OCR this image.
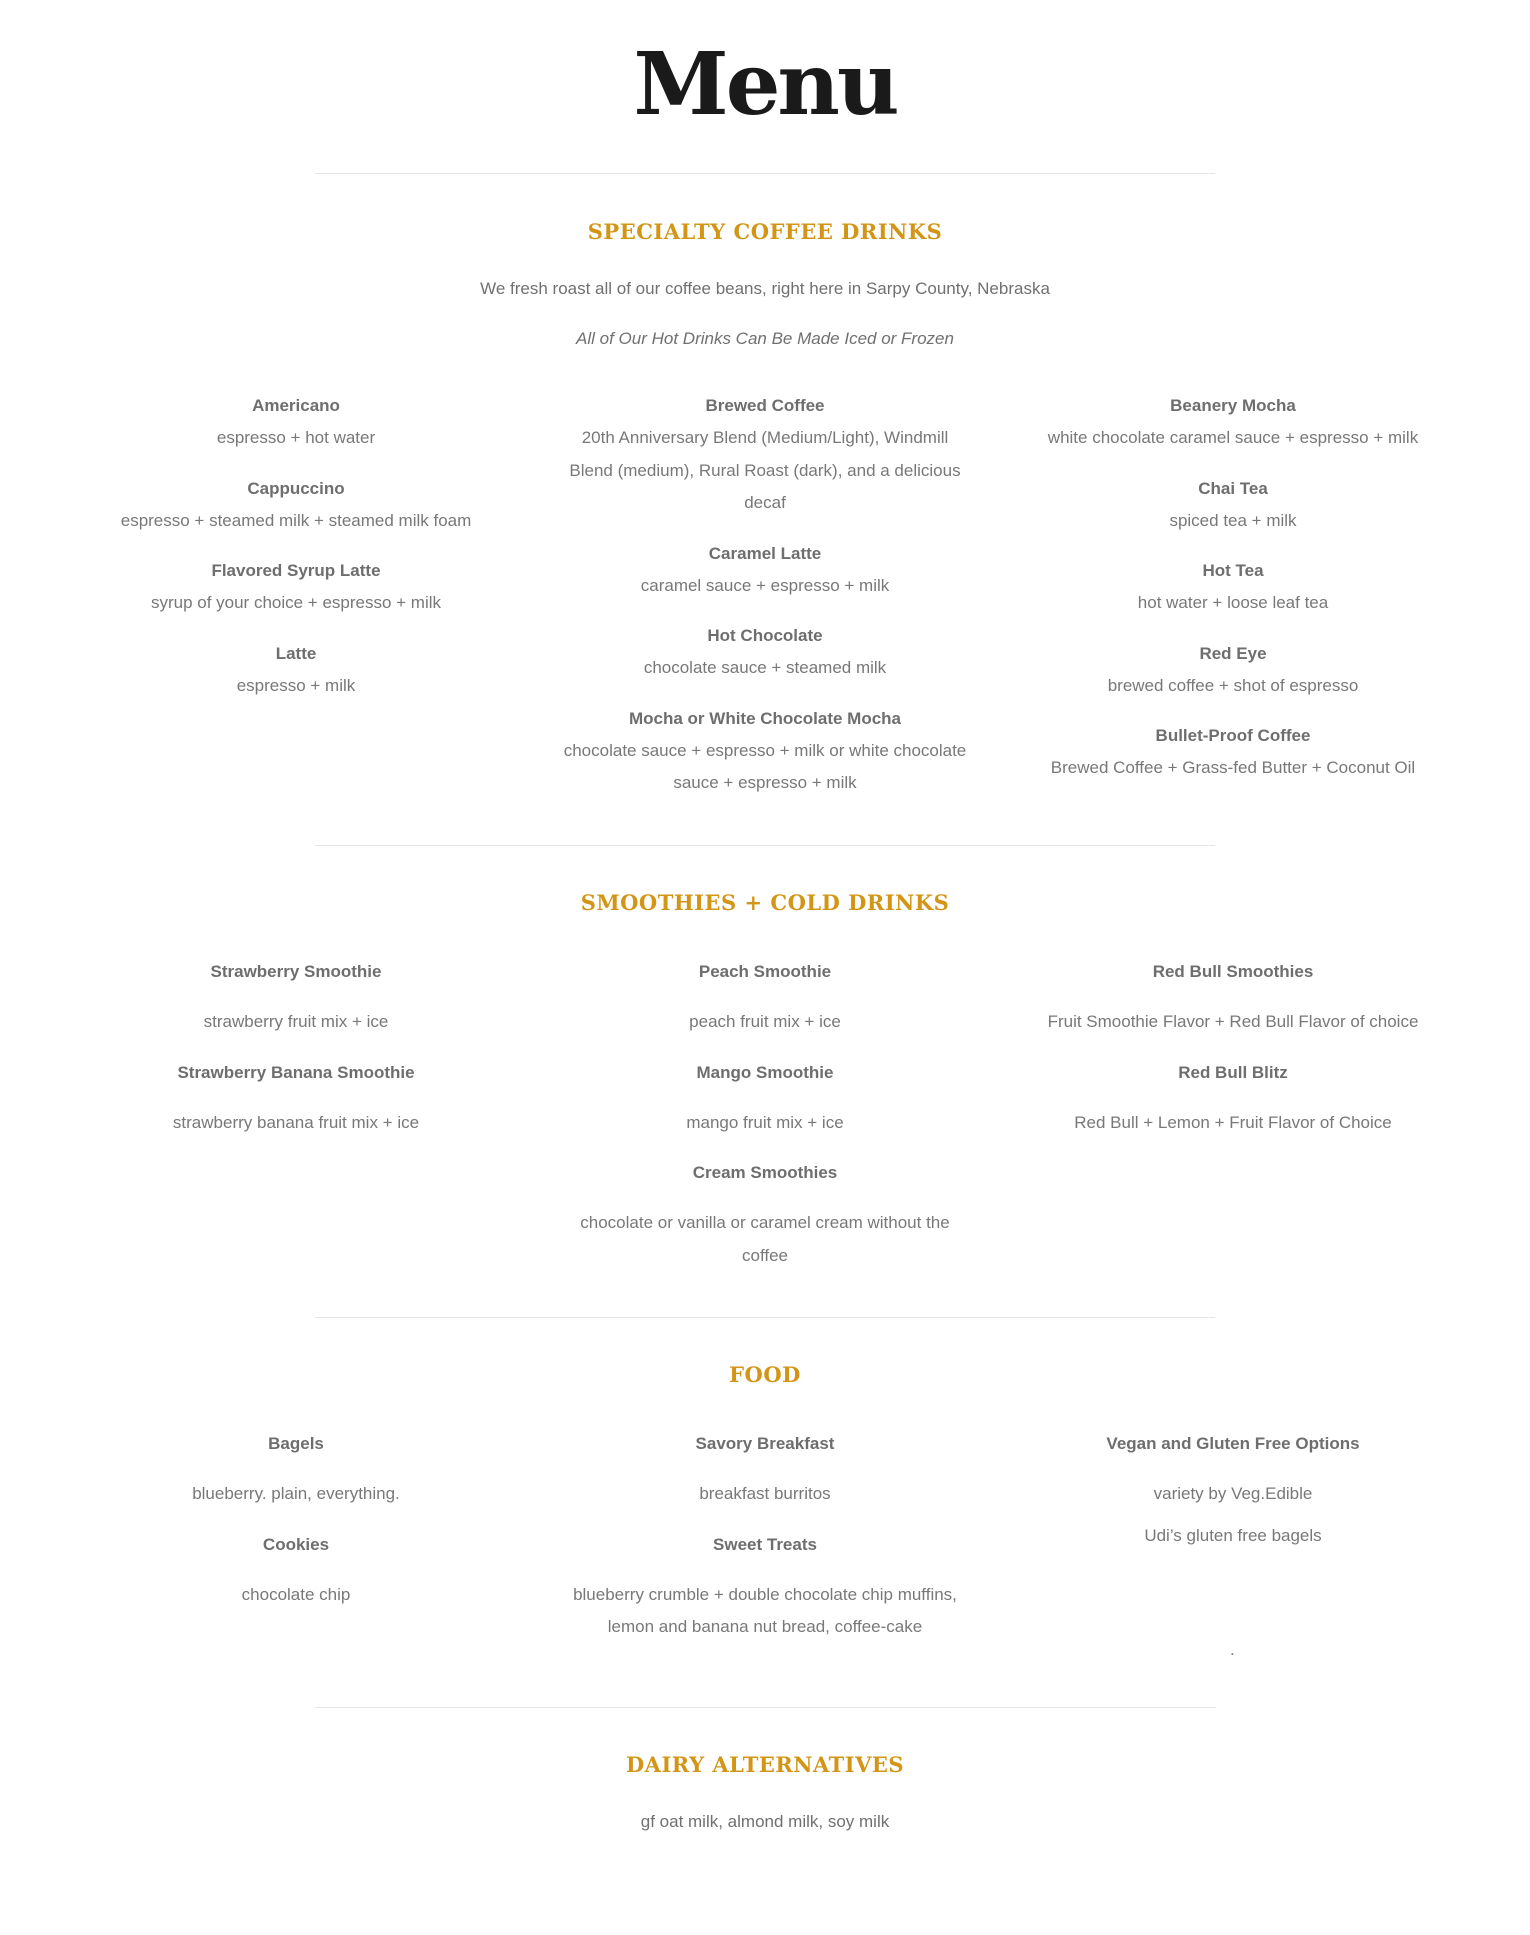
Menu
SPECIALTY COFFEE DRINKS

We fresh roast all of our coffee beans, right here in Sarpy County, Nebraska

All of Our Hot Drinks Can Be Made Iced or Frozen

Americano
espresso + hot water
Cappuccino
espresso + steamed milk + steamed milk foam
Flavored Syrup Latte
syrup of your choice + espresso + milk
Latte
espresso + milk
Brewed Coffee
20th Anniversary Blend (Medium/Light), Windmill Blend (medium), Rural Roast (dark), and a delicious decaf
Caramel Latte
caramel sauce + espresso + milk
Hot Chocolate
chocolate sauce + steamed milk
Mocha or White Chocolate Mocha
chocolate sauce + espresso + milk or white chocolate sauce + espresso + milk
Beanery Mocha
white chocolate caramel sauce + espresso + milk
Chai Tea
spiced tea + milk
Hot Tea
hot water + loose leaf tea
Red Eye
brewed coffee + shot of espresso
Bullet-Proof Coffee
Brewed Coffee + Grass-fed Butter + Coconut Oil
SMOOTHIES + COLD DRINKS
Strawberry Smoothie
strawberry fruit mix + ice
Strawberry Banana Smoothie
strawberry banana fruit mix + ice
Peach Smoothie
peach fruit mix + ice
Mango Smoothie
mango fruit mix + ice
Cream Smoothies
chocolate or vanilla or caramel cream without the coffee
Red Bull Smoothies
Fruit Smoothie Flavor + Red Bull Flavor of choice
Red Bull Blitz
Red Bull + Lemon + Fruit Flavor of Choice
FOOD
Bagels
blueberry. plain, everything.
Cookies
chocolate chip
Savory Breakfast
breakfast burritos
Sweet Treats
blueberry crumble + double chocolate chip muffins, lemon and banana nut bread, coffee-cake
Vegan and Gluten Free Options
variety by Veg.Edible
Udi’s gluten free bagels
.
DAIRY ALTERNATIVES

gf oat milk, almond milk, soy milk
